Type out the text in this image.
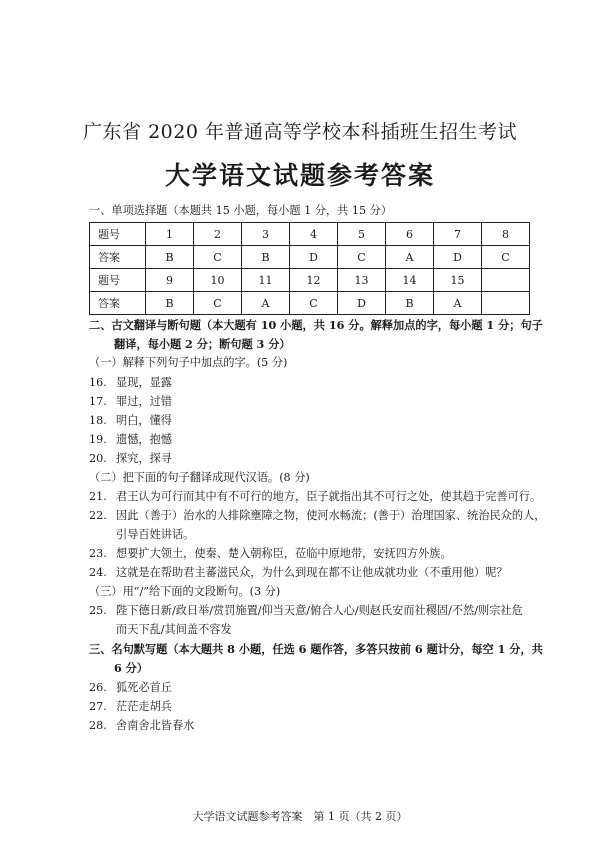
广东省 2020 年普通高等学校本科插班生招生考试
大学语文试题参考答案
一、单项选择题（本题共 15 小题，每小题 1 分，共 15 分）
题号	1	2	3	4	5	6	7	8
答案	B	C	B	D	C	A	D	C
题号	9	10	11	12	13	14	15	
答案	B	C	A	C	D	B	A	
二、古文翻译与断句题（本大题有 10 小题，共 16 分。解释加点的字，每小题 1 分；句子
翻译，每小题 2 分；断句题 3 分）
（一）解释下列句子中加点的字。(5 分)
16. 显现，显露
17. 罪过，过错
18. 明白，懂得
19. 遗憾，抱憾
20. 探究，探寻
（二）把下面的句子翻译成现代汉语。(8 分)
21. 君王认为可行而其中有不可行的地方，臣子就指出其不可行之处，使其趋于完善可行。
22. 因此（善于）治水的人排除壅障之物，使河水畅流；(善于）治理国家、统治民众的人，
引导百姓讲话。
23. 想要扩大领土，使秦、楚入朝称臣，莅临中原地带，安抚四方外族。
24. 这就是在帮助君主蕃滋民众，为什么到现在都不让他成就功业（不重用他）呢？
（三）用“/”给下面的文段断句。(3 分)
25. 陛下德日新/政日举/赏罚施置/仰当天意/俯合人心/则赵氏安而社稷固/不然/则宗社危
而天下乱/其间盖不容发
三、名句默写题（本大题共 8 小题，任选 6 题作答，多答只按前 6 题计分，每空 1 分，共
6 分）
26. 狐死必首丘
27. 茫茫走胡兵
28. 舍南舍北皆春水
大学语文试题参考答案　第 1 页（共 2 页）
